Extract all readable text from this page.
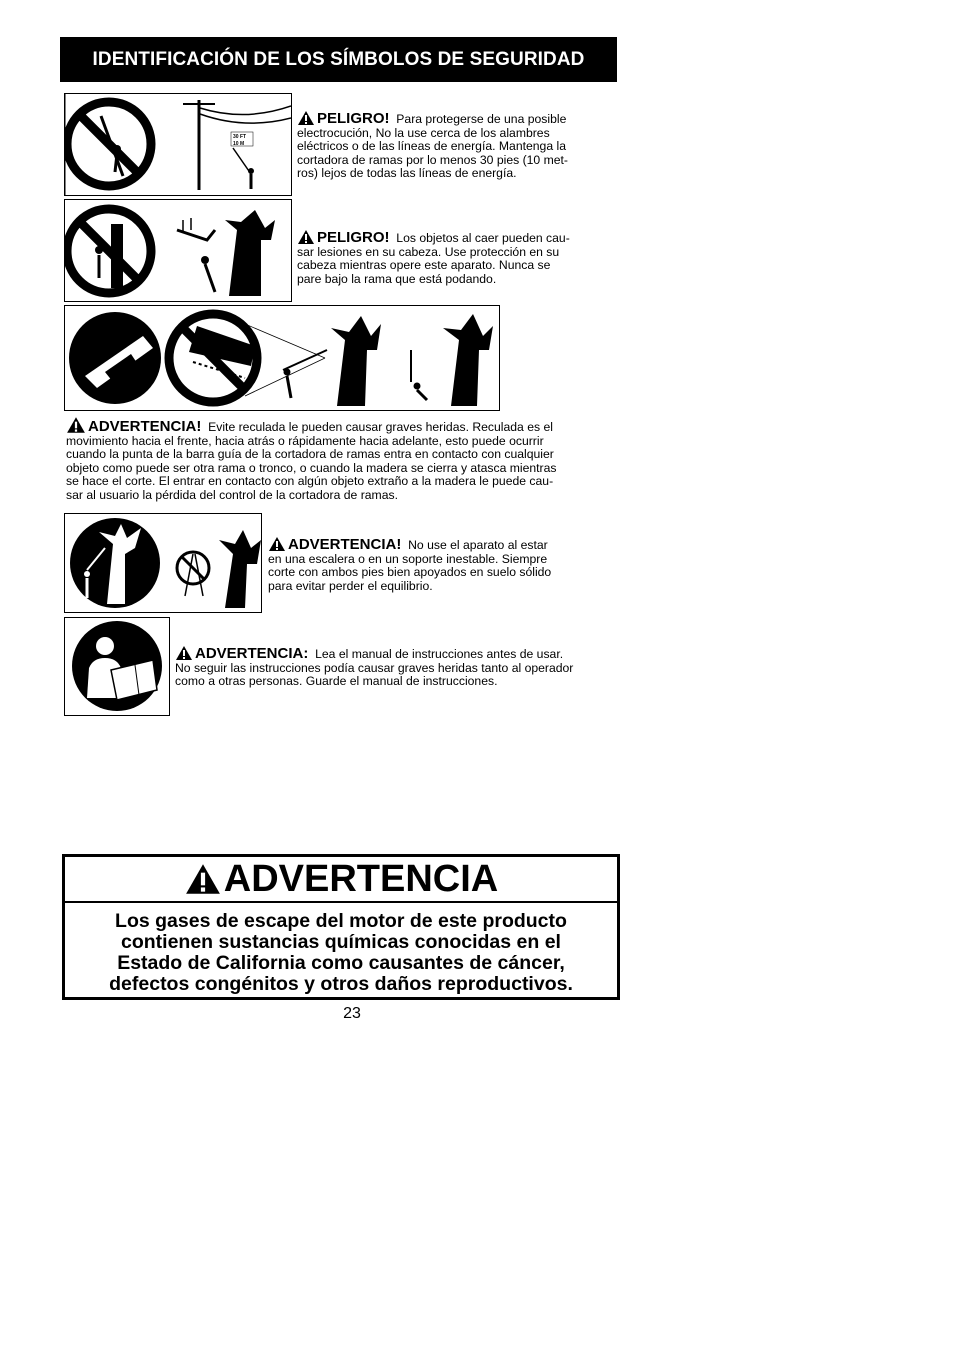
IDENTIFICACIÓN DE LOS SÍMBOLOS DE SEGURIDAD
30 FT
10 M
PELIGRO! Para protegerse de una posible
electrocución, No la use cerca de los alambres
eléctricos o de las líneas de energía. Mantenga la
cortadora de ramas por lo menos 30 pies (10 met-
ros) lejos de todas las líneas de energía.
PELIGRO! Los objetos al caer pueden cau-
sar lesiones en su cabeza. Use protección en su
cabeza mientras opere este aparato. Nunca se
pare bajo la rama que está podando.
ADVERTENCIA! Evite reculada le pueden causar graves heridas. Reculada es el
movimiento hacia el frente, hacia atrás o rápidamente hacia adelante, esto puede ocurrir
cuando la punta de la barra guía de la cortadora de ramas entra en contacto con cualquier
objeto como puede ser otra rama o tronco, o cuando la madera se cierra y atasca mientras
se hace el corte. El entrar en contacto con algún objeto extraño a la madera le puede cau-
sar al usuario la pérdida del control de la cortadora de ramas.
ADVERTENCIA! No use el aparato al estar
en una escalera o en un soporte inestable. Siempre
corte con ambos pies bien apoyados en suelo sólido
para evitar perder el equilibrio.
ADVERTENCIA: Lea el manual de instrucciones antes de usar.
No seguir las instrucciones podía causar graves heridas tanto al operador
como a otras personas. Guarde el manual de instrucciones.
ADVERTENCIA
Los gases de escape del motor de este producto
contienen sustancias químicas conocidas en el
Estado de California como causantes de cáncer,
defectos congénitos y otros daños reproductivos.
23
